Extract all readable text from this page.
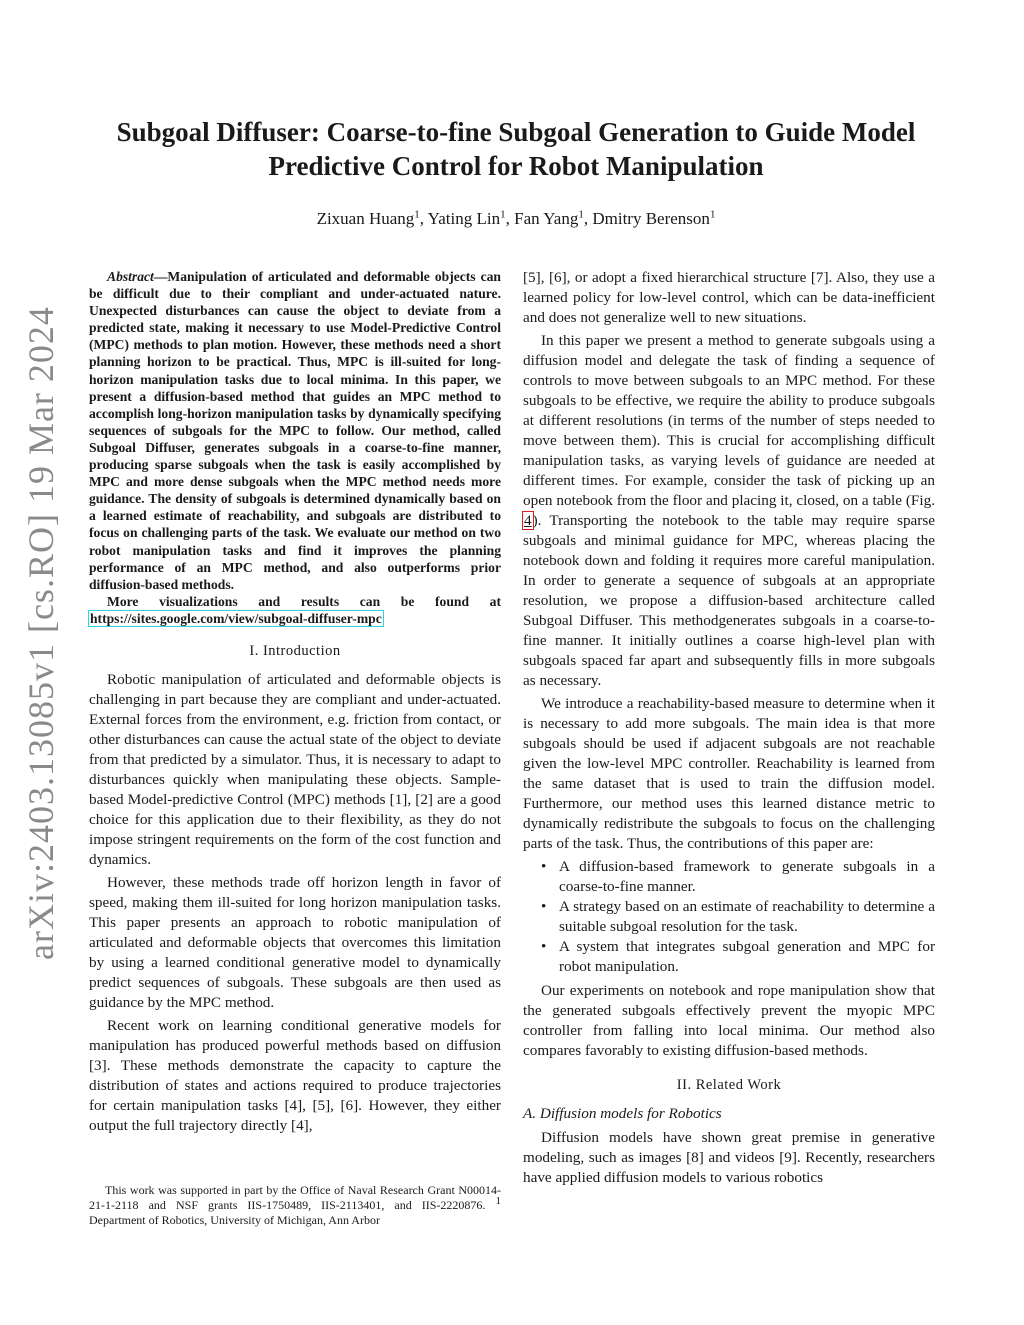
arXiv:2403.13085v1 [cs.RO] 19 Mar 2024
Subgoal Diffuser: Coarse-to-fine Subgoal Generation to Guide Model Predictive Control for Robot Manipulation
Zixuan Huang$^1$, Yating Lin$^1$, Fan Yang$^1$, Dmitry Berenson$^1$

Abstract—Manipulation of articulated and deformable objects can be difficult due to their compliant and under-actuated nature. Unexpected disturbances can cause the object to deviate from a predicted state, making it necessary to use Model-Predictive Control (MPC) methods to plan motion. However, these methods need a short planning horizon to be practical. Thus, MPC is ill-suited for long-horizon manipulation tasks due to local minima. In this paper, we present a diffusion-based method that guides an MPC method to accomplish long-horizon manipulation tasks by dynamically specifying sequences of subgoals for the MPC to follow. Our method, called Subgoal Diffuser, generates subgoals in a coarse-to-fine manner, producing sparse subgoals when the task is easily accomplished by MPC and more dense subgoals when the MPC method needs more guidance. The density of subgoals is determined dynamically based on a learned estimate of reachability, and subgoals are distributed to focus on challenging parts of the task. We evaluate our method on two robot manipulation tasks and find it improves the planning performance of an MPC method, and also outperforms prior diffusion-based methods.

More visualizations and results can be found at https://sites.google.com/view/subgoal-diffuser-mpc

I. Introduction

Robotic manipulation of articulated and deformable objects is challenging in part because they are compliant and under-actuated. External forces from the environment, e.g. friction from contact, or other disturbances can cause the actual state of the object to deviate from that predicted by a simulator. Thus, it is necessary to adapt to disturbances quickly when manipulating these objects. Sample-based Model-predictive Control (MPC) methods [1], [2] are a good choice for this application due to their flexibility, as they do not impose stringent requirements on the form of the cost function and dynamics.

However, these methods trade off horizon length in favor of speed, making them ill-suited for long horizon manipulation tasks. This paper presents an approach to robotic manipulation of articulated and deformable objects that overcomes this limitation by using a learned conditional generative model to dynamically predict sequences of subgoals. These subgoals are then used as guidance by the MPC method.

Recent work on learning conditional generative models for manipulation has produced powerful methods based on diffusion [3]. These methods demonstrate the capacity to capture the distribution of states and actions required to produce trajectories for certain manipulation tasks [4], [5], [6]. However, they either output the full trajectory directly [4],

This work was supported in part by the Office of Naval Research Grant N00014-21-1-2118 and NSF grants IIS-1750489, IIS-2113401, and IIS-2220876. $^1$ Department of Robotics, University of Michigan, Ann Arbor

[5], [6], or adopt a fixed hierarchical structure [7]. Also, they use a learned policy for low-level control, which can be data-inefficient and does not generalize well to new situations.

In this paper we present a method to generate subgoals using a diffusion model and delegate the task of finding a sequence of controls to move between subgoals to an MPC method. For these subgoals to be effective, we require the ability to produce subgoals at different resolutions (in terms of the number of steps needed to move between them). This is crucial for accomplishing difficult manipulation tasks, as varying levels of guidance are needed at different times. For example, consider the task of picking up an open notebook from the floor and placing it, closed, on a table (Fig. 4). Transporting the notebook to the table may require sparse subgoals and minimal guidance for MPC, whereas placing the notebook down and folding it requires more careful manipulation. In order to generate a sequence of subgoals at an appropriate resolution, we propose a diffusion-based architecture called Subgoal Diffuser. This methodgenerates subgoals in a coarse-to-fine manner. It initially outlines a coarse high-level plan with subgoals spaced far apart and subsequently fills in more subgoals as necessary.

We introduce a reachability-based measure to determine when it is necessary to add more subgoals. The main idea is that more subgoals should be used if adjacent subgoals are not reachable given the low-level MPC controller. Reachability is learned from the same dataset that is used to train the diffusion model. Furthermore, our method uses this learned distance metric to dynamically redistribute the subgoals to focus on the challenging parts of the task. Thus, the contributions of this paper are:

• A diffusion-based framework to generate subgoals in a coarse-to-fine manner.
• A strategy based on an estimate of reachability to determine a suitable subgoal resolution for the task.
• A system that integrates subgoal generation and MPC for robot manipulation.

Our experiments on notebook and rope manipulation show that the generated subgoals effectively prevent the myopic MPC controller from falling into local minima. Our method also compares favorably to existing diffusion-based methods.

II. Related Work

A. Diffusion models for Robotics

Diffusion models have shown great premise in generative modeling, such as images [8] and videos [9]. Recently, researchers have applied diffusion models to various robotics
